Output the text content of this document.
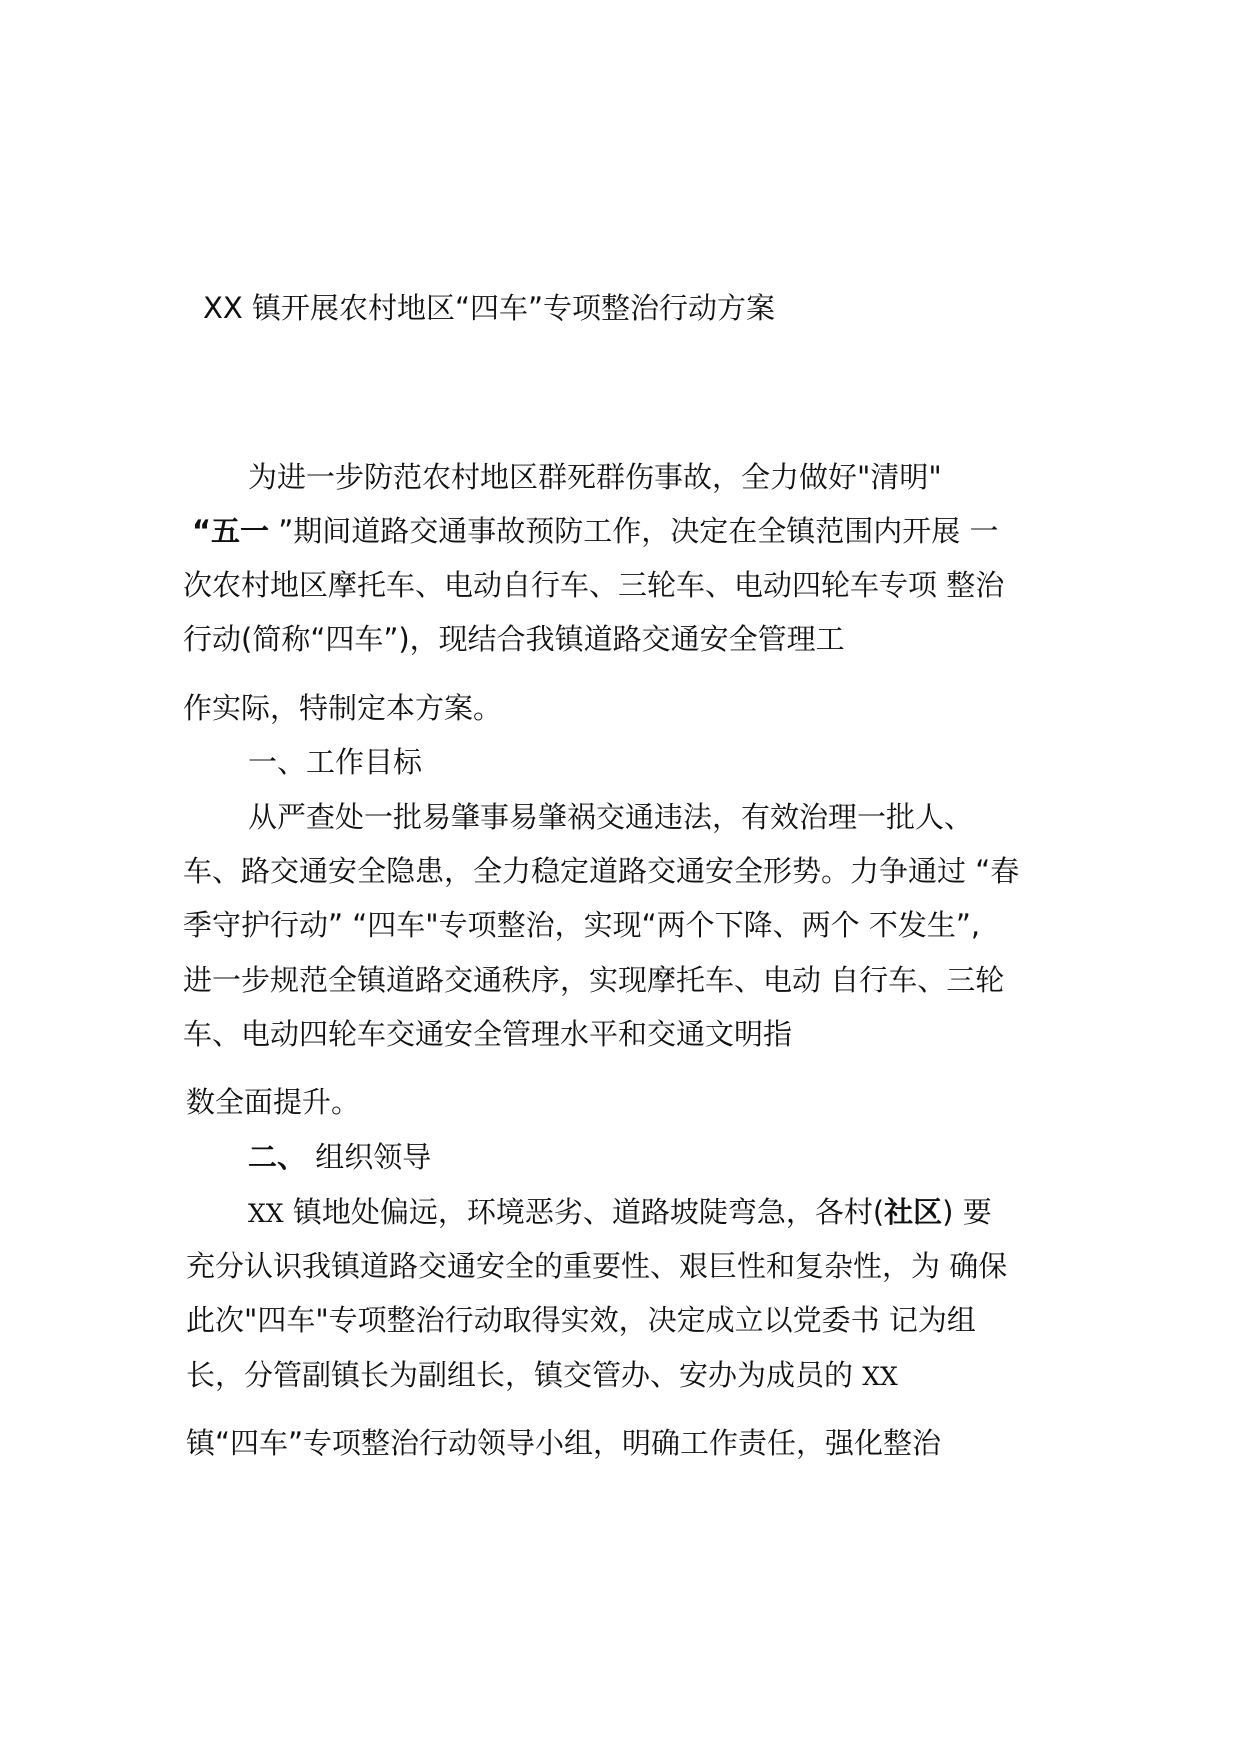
XX 镇开展农村地区“四车”专项整治行动方案
为进一步防范农村地区群死群伤事故，全力做好"清明"
“五一 ”期间道路交通事故预防工作，决定在全镇范围内开展 一
次农村地区摩托车、电动自行车、三轮车、电动四轮车专项 整治
行动(简称“四车”)，现结合我镇道路交通安全管理工
作实际，特制定本方案。
一、工作目标
从严查处一批易肇事易肇祸交通违法，有效治理一批人、
车、路交通安全隐患，全力稳定道路交通安全形势。力争通过 “春
季守护行动” “四车"专项整治，实现“两个下降、两个 不发生”,
进一步规范全镇道路交通秩序，实现摩托车、电动 自行车、三轮
车、电动四轮车交通安全管理水平和交通文明指
数全面提升。
二、 组织领导
XX 镇地处偏远，环境恶劣、道路坡陡弯急，各村(社区) 要
充分认识我镇道路交通安全的重要性、艰巨性和复杂性，为 确保
此次"四车"专项整治行动取得实效，决定成立以党委书 记为组
长，分管副镇长为副组长，镇交管办、安办为成员的 XX
镇“四车”专项整治行动领导小组，明确工作责任，强化整治
